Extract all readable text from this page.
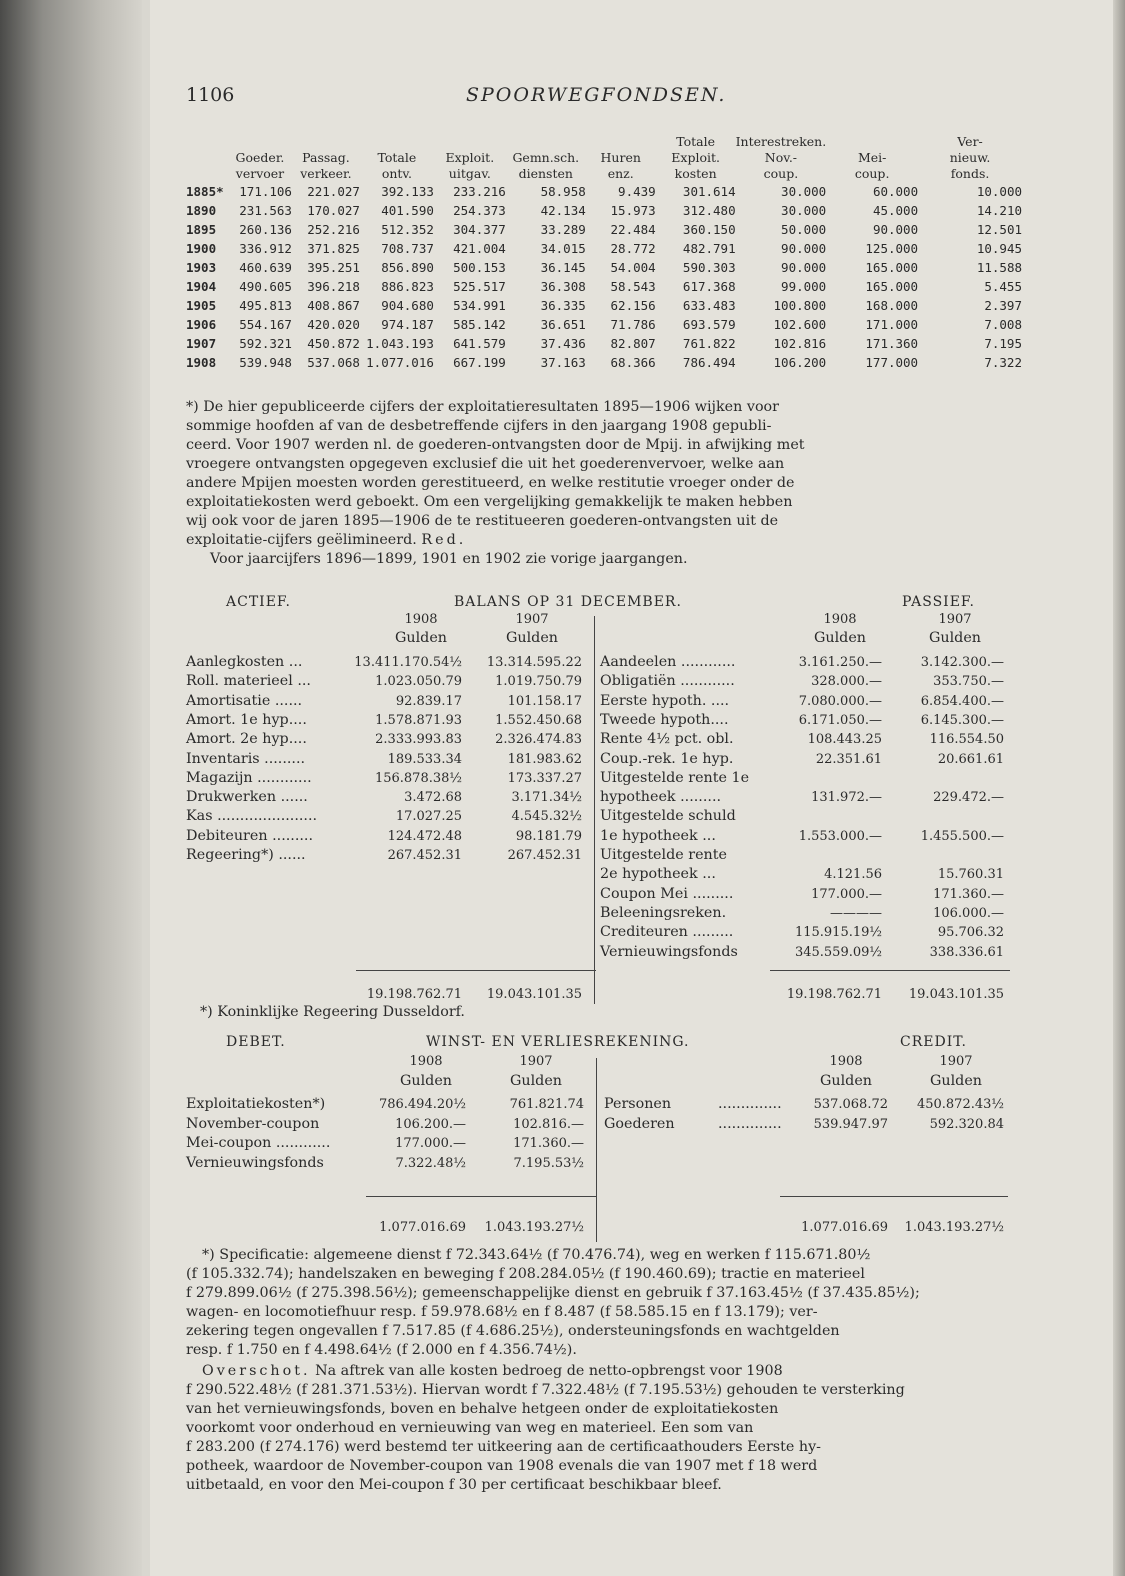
1106	SPOORWEGFONDSEN.
							Totale	Interestreken.		Ver-
	Goeder.	Passag.	Totale	Exploit.	Gemn.sch.	Huren	Exploit.	Nov.-	Mei-	nieuw.
	vervoer	verkeer.	ontv.	uitgav.	diensten	enz.	kosten	coup.	coup.	fonds.
1885*	171.106	221.027	392.133	233.216	58.958	9.439	301.614	30.000	60.000	10.000
1890	231.563	170.027	401.590	254.373	42.134	15.973	312.480	30.000	45.000	14.210
1895	260.136	252.216	512.352	304.377	33.289	22.484	360.150	50.000	90.000	12.501
1900	336.912	371.825	708.737	421.004	34.015	28.772	482.791	90.000	125.000	10.945
1903	460.639	395.251	856.890	500.153	36.145	54.004	590.303	90.000	165.000	11.588
1904	490.605	396.218	886.823	525.517	36.308	58.543	617.368	99.000	165.000	5.455
1905	495.813	408.867	904.680	534.991	36.335	62.156	633.483	100.800	168.000	2.397
1906	554.167	420.020	974.187	585.142	36.651	71.786	693.579	102.600	171.000	7.008
1907	592.321	450.872	1.043.193	641.579	37.436	82.807	761.822	102.816	171.360	7.195
1908	539.948	537.068	1.077.016	667.199	37.163	68.366	786.494	106.200	177.000	7.322

*) De hier gepubliceerde cijfers der exploitatieresultaten 1895—1906 wijken voor

sommige hoofden af van de desbetreffende cijfers in den jaargang 1908 gepubli-

ceerd. Voor 1907 werden nl. de goederen-ontvangsten door de Mpij. in afwijking met

vroegere ontvangsten opgegeven exclusief die uit het goederenvervoer, welke aan

andere Mpijen moesten worden gerestitueerd, en welke restitutie vroeger onder de

exploitatiekosten werd geboekt. Om een vergelijking gemakkelijk te maken hebben

wij ook voor de jaren 1895—1906 de te restitueeren goederen-ontvangsten uit de

exploitatie-cijfers geëlimineerd. Red.

Voor jaarcijfers 1896—1899, 1901 en 1902 zie vorige jaargangen.

ACTIEF.	BALANS OP 31 DECEMBER.	PASSIEF.
1908	1907
Gulden	Gulden
1908	1907
Gulden	Gulden
Aanlegkosten ...	13.411.170.54½	13.314.595.22
Roll. materieel ...	1.023.050.79	1.019.750.79
Amortisatie ......	92.839.17	101.158.17
Amort. 1e hyp....	1.578.871.93	1.552.450.68
Amort. 2e hyp....	2.333.993.83	2.326.474.83
Inventaris .........	189.533.34	181.983.62
Magazijn ............	156.878.38½	173.337.27
Drukwerken ......	3.472.68	3.171.34½
Kas ......................	17.027.25	4.545.32½
Debiteuren .........	124.472.48	98.181.79
Regeering*) ......	267.452.31	267.452.31
Aandeelen ............	3.161.250.—	3.142.300.—
Obligatiën ............	328.000.—	353.750.—
Eerste hypoth. ....	7.080.000.—	6.854.400.—
Tweede hypoth....	6.171.050.—	6.145.300.—
Rente 4½ pct. obl.	108.443.25	116.554.50
Coup.-rek. 1e hyp.	22.351.61	20.661.61
Uitgestelde rente 1e
hypotheek .........	131.972.—	229.472.—
Uitgestelde schuld
1e hypotheek ...	1.553.000.—	1.455.500.—
Uitgestelde rente
2e hypotheek ...	4.121.56	15.760.31
Coupon Mei .........	177.000.—	171.360.—
Beleeningsreken.	————	106.000.—
Crediteuren .........	115.915.19½	95.706.32
Vernieuwingsfonds	345.559.09½	338.336.61
19.198.762.71	19.043.101.35	19.198.762.71	19.043.101.35
*) Koninklijke Regeering Dusseldorf.
DEBET.	WINST- EN VERLIESREKENING.	CREDIT.
1908	1907
Gulden	Gulden
1908	1907
Gulden	Gulden
Exploitatiekosten*)	786.494.20½	761.821.74
November-coupon	106.200.—	102.816.—
Mei-coupon ............	177.000.—	171.360.—
Vernieuwingsfonds	7.322.48½	7.195.53½
Personen	..............	537.068.72	450.872.43½
Goederen	..............	539.947.97	592.320.84
1.077.016.69	1.043.193.27½	1.077.016.69	1.043.193.27½

*) Specificatie: algemeene dienst f 72.343.64½ (f 70.476.74), weg en werken f 115.671.80½

(f 105.332.74); handelszaken en beweging f 208.284.05½ (f 190.460.69); tractie en materieel

f 279.899.06½ (f 275.398.56½); gemeenschappelijke dienst en gebruik f 37.163.45½ (f 37.435.85½);

wagen- en locomotiefhuur resp. f 59.978.68½ en f 8.487 (f 58.585.15 en f 13.179); ver-

zekering tegen ongevallen f 7.517.85 (f 4.686.25½), ondersteuningsfonds en wachtgelden

resp. f 1.750 en f 4.498.64½ (f 2.000 en f 4.356.74½).

Overschot. Na aftrek van alle kosten bedroeg de netto-opbrengst voor 1908

f 290.522.48½ (f 281.371.53½). Hiervan wordt f 7.322.48½ (f 7.195.53½) gehouden te versterking

van het vernieuwingsfonds, boven en behalve hetgeen onder de exploitatiekosten

voorkomt voor onderhoud en vernieuwing van weg en materieel. Een som van

f 283.200 (f 274.176) werd bestemd ter uitkeering aan de certificaathouders Eerste hy-

potheek, waardoor de November-coupon van 1908 evenals die van 1907 met f 18 werd

uitbetaald, en voor den Mei-coupon f 30 per certificaat beschikbaar bleef.
